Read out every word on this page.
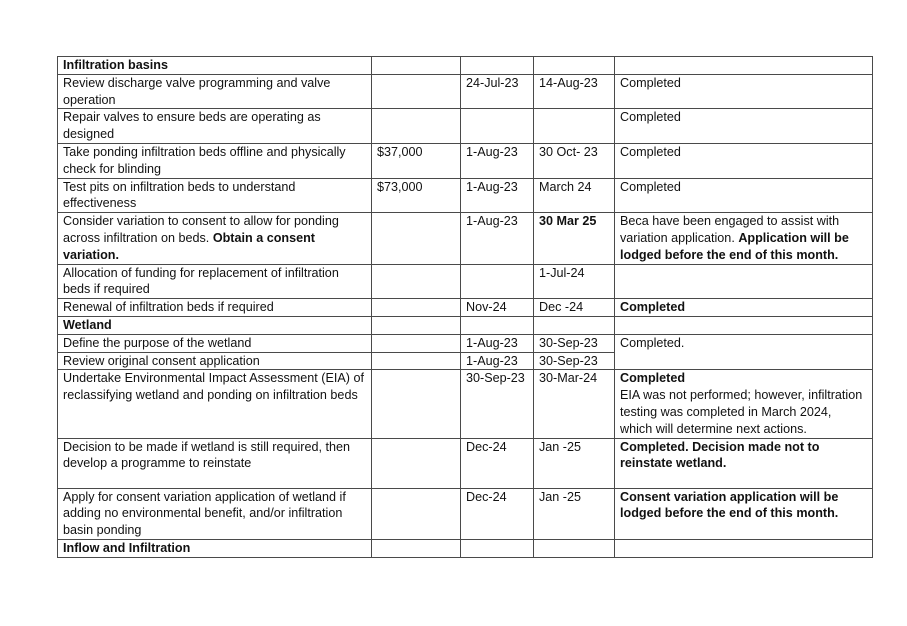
Infiltration basins				
Review discharge valve programming and valve operation		24-Jul-23	14-Aug-23	Completed
Repair valves to ensure beds are operating as designed				Completed
Take ponding infiltration beds offline and physically check for blinding	$37,000	1-Aug-23	30 Oct- 23	Completed
Test pits on infiltration beds to understand effectiveness	$73,000	1-Aug-23	March 24	Completed
Consider variation to consent to allow for ponding across infiltration on beds. Obtain a consent variation.		1-Aug-23	30 Mar 25	Beca have been engaged to assist with variation application. Application will be lodged before the end of this month.
Allocation of funding for replacement of infiltration beds if required			1-Jul-24	
Renewal of infiltration beds if required		Nov-24	Dec -24	Completed
Wetland				
Define the purpose of the wetland		1-Aug-23	30-Sep-23	Completed.
Review original consent application		1-Aug-23	30-Sep-23	
Undertake Environmental Impact Assessment (EIA) of reclassifying wetland and ponding on infiltration beds		30-Sep-23	30-Mar-24	Completed
EIA was not performed; however, infiltration testing was completed in March 2024, which will determine next actions.
Decision to be made if wetland is still required, then develop a programme to reinstate		Dec-24	Jan -25	Completed. Decision made not to reinstate wetland.
Apply for consent variation application of wetland if adding no environmental benefit, and/or infiltration basin ponding		Dec-24	Jan -25	Consent variation application will be lodged before the end of this month.
Inflow and Infiltration				
